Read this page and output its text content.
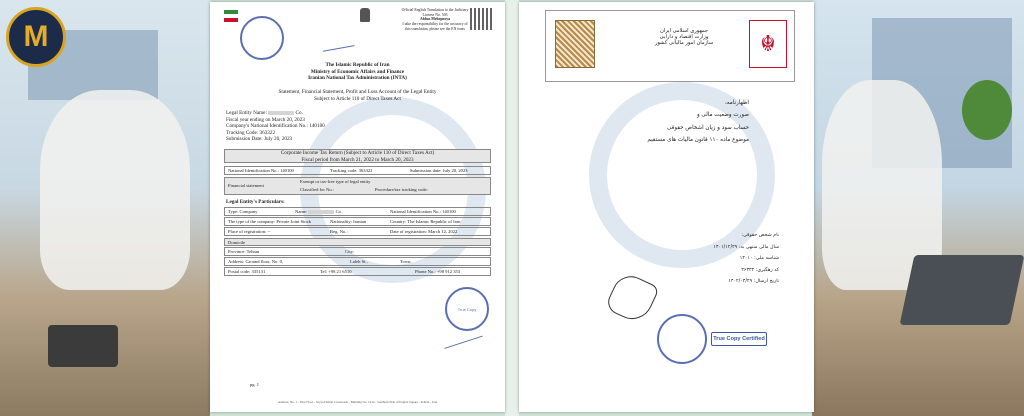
M
Official English Translation to the Judiciary
License No. 503
Abbas Mehrpooya
I take the responsibility for the accuracy of this translation, please see the EN fonts
The Islamic Republic of Iran
Ministry of Economic Affairs and Finance
Iranian National Tax Administration (INTA)
Statement, Financial Statement, Profit and Loss Account of the Legal Entity
Subject to Article 110 of Direct Taxes Act
Legal Entity Name:	Co.
Fiscal year ending on March 20, 2023
Company's National Identification No.: 140100
Tracking Code: 363322
Submission Date: July 20, 2023
Corporate Income Tax Return (Subject to Article 110 of Direct Taxes Act)
Fiscal period from March 21, 2022 to March 20, 2023
National Identification No.: 140100	Tracking code: 363322	Submission date: July 20, 2023
Financial statement
Exempt or tax-free type of legal entity
Classified for No.:	Procedure/tax tracking code:
Legal Entity's Particulars:
Type: Company	Name:	Co.	National Identification No.: 140100
The type of the company: Private Joint Stock	Nationality: Iranian	Country: The Islamic Republic of Iran
Place of registration: --	Reg. No.:	Date of registration: March 12, 2022
Domicile
Province: Tehran	City:
Address: Ground floor, No. 0,	Laleh St.,	Town.
Postal code: 335131	Tel: +98 21 6510	Phone No.: +98 912 353
True Copy
pg. 1
Address: No. 1 - First Floor - Seyyed Khan Crossroads - Building No. 1014 - Southern Side of Englab Square - Tehran - Iran
☬
جمهوری اسلامی ایران
وزارت اقتصاد و دارایی
سازمان امور مالیاتی کشور
اظهارنامه،
صورت وضعیت مالی و
حساب سود و زیان اشخاص حقوقی
موضوع ماده ۱۱۰ قانون مالیات های مستقیم
نام شخص حقوقی:
سال مالی منتهی به: ۱۴۰۱/۱۲/۲۹
شناسه ملی: ۱۴۰۱۰
کد رهگیری: ۳۶۳۳۲
تاریخ ارسال: ۱۴۰۲/۰۴/۲۹
True Copy Certified
